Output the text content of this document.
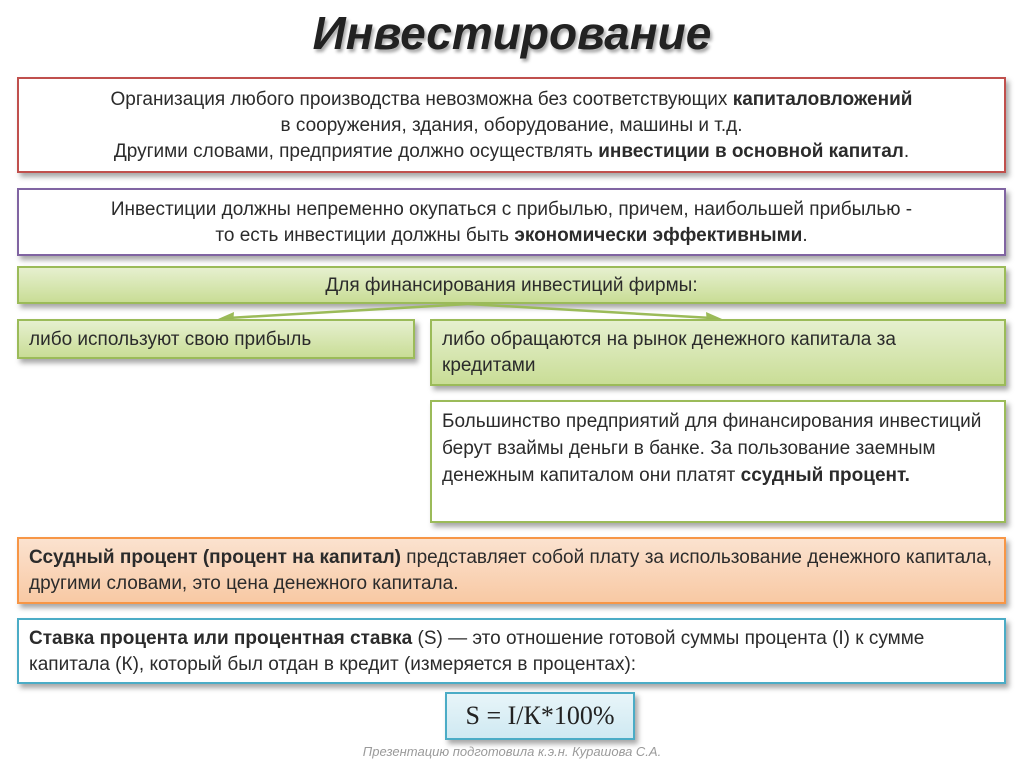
Инвестирование
Организация любого производства невозможна без соответствующих капиталовложений
в сооружения, здания, оборудование, машины и т.д.
Другими словами, предприятие должно осуществлять инвестиции в основной капитал.
Инвестиции должны непременно окупаться с прибылью, причем, наибольшей прибылью -
то есть инвестиции должны быть экономически эффективными.
Для финансирования инвестиций фирмы:
либо используют свою прибыль	либо обращаются на рынок денежного капитала за кредитами
Большинство предприятий для финансирования инвестиций берут взаймы деньги в банке. За пользование заемным денежным капиталом они платят ссудный процент.
Ссудный процент (процент на капитал) представляет собой плату за использование денежного капитала, другими словами, это цена денежного капитала.
Ставка процента или процентная ставка (S) — это отношение готовой суммы процента (I) к сумме капитала (К), который был отдан в кредит (измеряется в процентах):
S = I/К*100%
Презентацию подготовила к.э.н. Курашова С.А.
